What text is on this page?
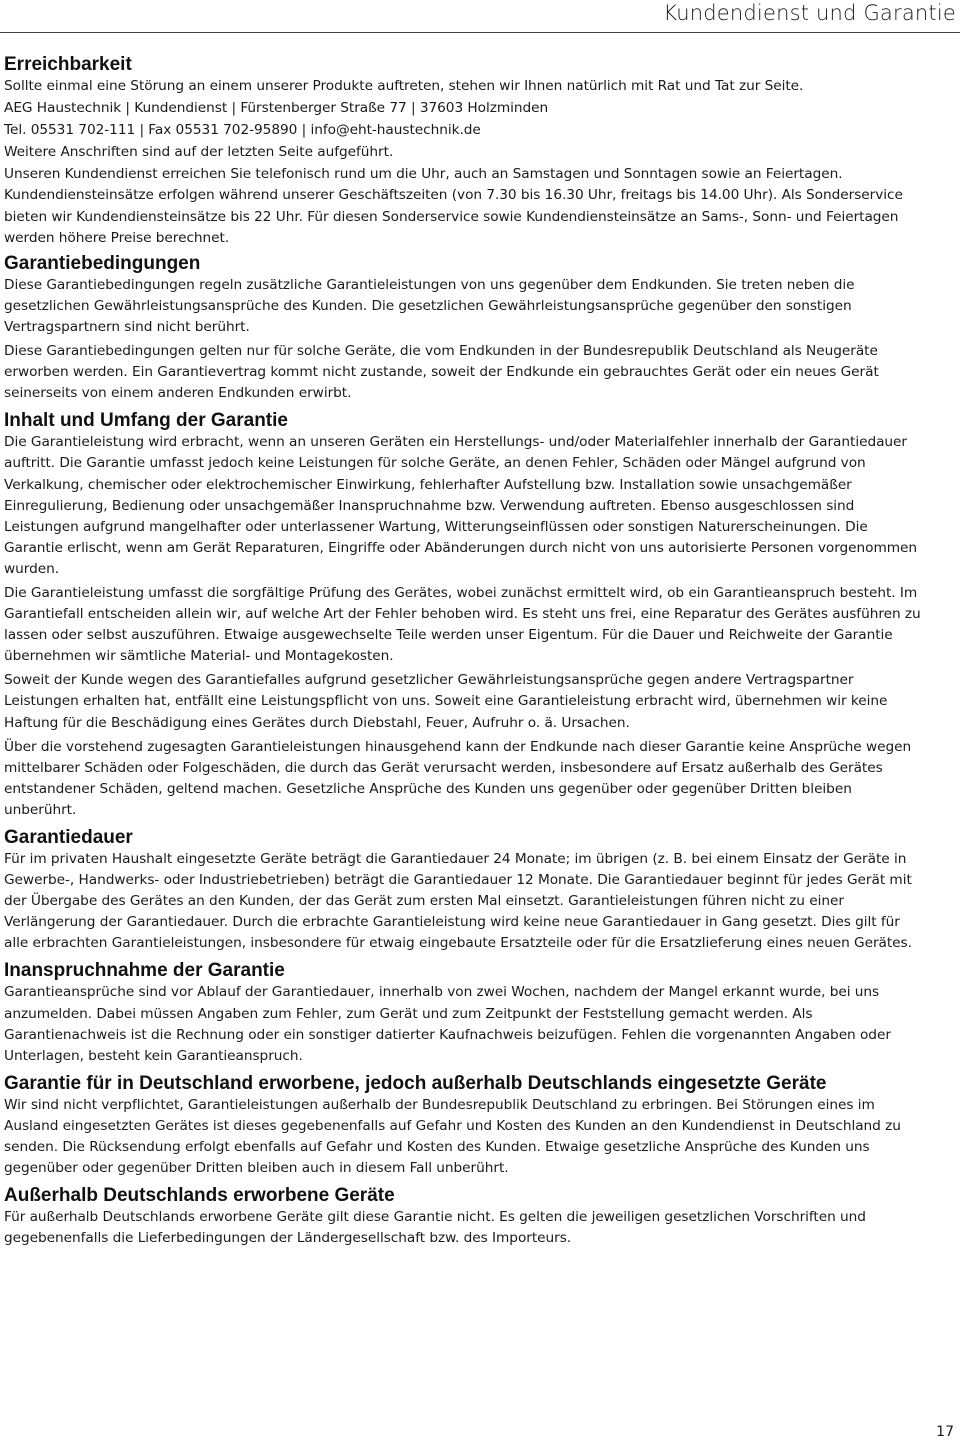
Kundendienst und Garantie
Erreichbarkeit

Sollte einmal eine Störung an einem unserer Produkte auftreten, stehen wir Ihnen natürlich mit Rat und Tat zur Seite.

AEG Haustechnik | Kundendienst | Fürstenberger Straße 77 | 37603 Holzminden

Tel. 05531 702-111 | Fax 05531 702-95890 | info@eht-haustechnik.de

Weitere Anschriften sind auf der letzten Seite aufgeführt.

Unseren Kundendienst erreichen Sie telefonisch rund um die Uhr, auch an Samstagen und Sonntagen sowie an Feiertagen. Kundendiensteinsätze erfolgen während unserer Geschäftszeiten (von 7.30 bis 16.30 Uhr, freitags bis 14.00 Uhr). Als Sonderservice bieten wir Kundendiensteinsätze bis 22 Uhr. Für diesen Sonderservice sowie Kundendiensteinsätze an Sams-, Sonn- und Feiertagen werden höhere Preise berechnet.

Garantiebedingungen

Diese Garantiebedingungen regeln zusätzliche Garantieleistungen von uns gegenüber dem Endkunden. Sie treten neben die gesetzlichen Gewährleistungsansprüche des Kunden. Die gesetzlichen Gewährleistungsansprüche gegenüber den sonstigen Vertragspartnern sind nicht berührt.

Diese Garantiebedingungen gelten nur für solche Geräte, die vom Endkunden in der Bundesrepublik Deutschland als Neugeräte erworben werden. Ein Garantievertrag kommt nicht zustande, soweit der Endkunde ein gebrauchtes Gerät oder ein neues Gerät seinerseits von einem anderen Endkunden erwirbt.

Inhalt und Umfang der Garantie

Die Garantieleistung wird erbracht, wenn an unseren Geräten ein Herstellungs- und/oder Materialfehler innerhalb der Garantiedauer auftritt. Die Garantie umfasst jedoch keine Leistungen für solche Geräte, an denen Fehler, Schäden oder Mängel aufgrund von Verkalkung, chemischer oder elektrochemischer Einwirkung, fehlerhafter Aufstellung bzw. Installation sowie unsachgemäßer Einregulierung, Bedienung oder unsachgemäßer Inanspruchnahme bzw. Verwendung auftreten. Ebenso ausgeschlossen sind Leistungen aufgrund mangelhafter oder unterlassener Wartung, Witterungseinflüssen oder sonstigen Naturerscheinungen. Die Garantie erlischt, wenn am Gerät Reparaturen, Eingriffe oder Abänderungen durch nicht von uns autorisierte Personen vorgenommen wurden.

Die Garantieleistung umfasst die sorgfältige Prüfung des Gerätes, wobei zunächst ermittelt wird, ob ein Garantieanspruch besteht. Im Garantiefall entscheiden allein wir, auf welche Art der Fehler behoben wird. Es steht uns frei, eine Reparatur des Gerätes ausführen zu lassen oder selbst auszuführen. Etwaige ausgewechselte Teile werden unser Eigentum. Für die Dauer und Reichweite der Garantie übernehmen wir sämtliche Material- und Montagekosten.

Soweit der Kunde wegen des Garantiefalles aufgrund gesetzlicher Gewährleistungsansprüche gegen andere Vertragspartner Leistungen erhalten hat, entfällt eine Leistungspflicht von uns. Soweit eine Garantieleistung erbracht wird, übernehmen wir keine Haftung für die Beschädigung eines Gerätes durch Diebstahl, Feuer, Aufruhr o. ä. Ursachen.

Über die vorstehend zugesagten Garantieleistungen hinausgehend kann der Endkunde nach dieser Garantie keine Ansprüche wegen mittelbarer Schäden oder Folgeschäden, die durch das Gerät verursacht werden, insbesondere auf Ersatz außerhalb des Gerätes entstandener Schäden, geltend machen. Gesetzliche Ansprüche des Kunden uns gegenüber oder gegenüber Dritten bleiben unberührt.

Garantiedauer

Für im privaten Haushalt eingesetzte Geräte beträgt die Garantiedauer 24 Monate; im übrigen (z. B. bei einem Einsatz der Geräte in Gewerbe-, Handwerks- oder Industriebetrieben) beträgt die Garantiedauer 12 Monate. Die Garantiedauer beginnt für jedes Gerät mit der Übergabe des Gerätes an den Kunden, der das Gerät zum ersten Mal einsetzt. Garantieleistungen führen nicht zu einer Verlängerung der Garantiedauer. Durch die erbrachte Garantieleistung wird keine neue Garantiedauer in Gang gesetzt. Dies gilt für alle erbrachten Garantieleistungen, insbesondere für etwaig eingebaute Ersatzteile oder für die Ersatzlieferung eines neuen Gerätes.

Inanspruchnahme der Garantie

Garantieansprüche sind vor Ablauf der Garantiedauer, innerhalb von zwei Wochen, nachdem der Mangel erkannt wurde, bei uns anzumelden. Dabei müssen Angaben zum Fehler, zum Gerät und zum Zeitpunkt der Feststellung gemacht werden. Als Garantienachweis ist die Rechnung oder ein sonstiger datierter Kaufnachweis beizufügen. Fehlen die vorgenannten Angaben oder Unterlagen, besteht kein Garantieanspruch.

Garantie für in Deutschland erworbene, jedoch außerhalb Deutschlands eingesetzte Geräte

Wir sind nicht verpflichtet, Garantieleistungen außerhalb der Bundesrepublik Deutschland zu erbringen. Bei Störungen eines im Ausland eingesetzten Gerätes ist dieses gegebenenfalls auf Gefahr und Kosten des Kunden an den Kundendienst in Deutschland zu senden. Die Rücksendung erfolgt ebenfalls auf Gefahr und Kosten des Kunden. Etwaige gesetzliche Ansprüche des Kunden uns gegenüber oder gegenüber Dritten bleiben auch in diesem Fall unberührt.

Außerhalb Deutschlands erworbene Geräte

Für außerhalb Deutschlands erworbene Geräte gilt diese Garantie nicht. Es gelten die jeweiligen gesetzlichen Vorschriften und gegebenenfalls die Lieferbedingungen der Ländergesellschaft bzw. des Importeurs.

17
